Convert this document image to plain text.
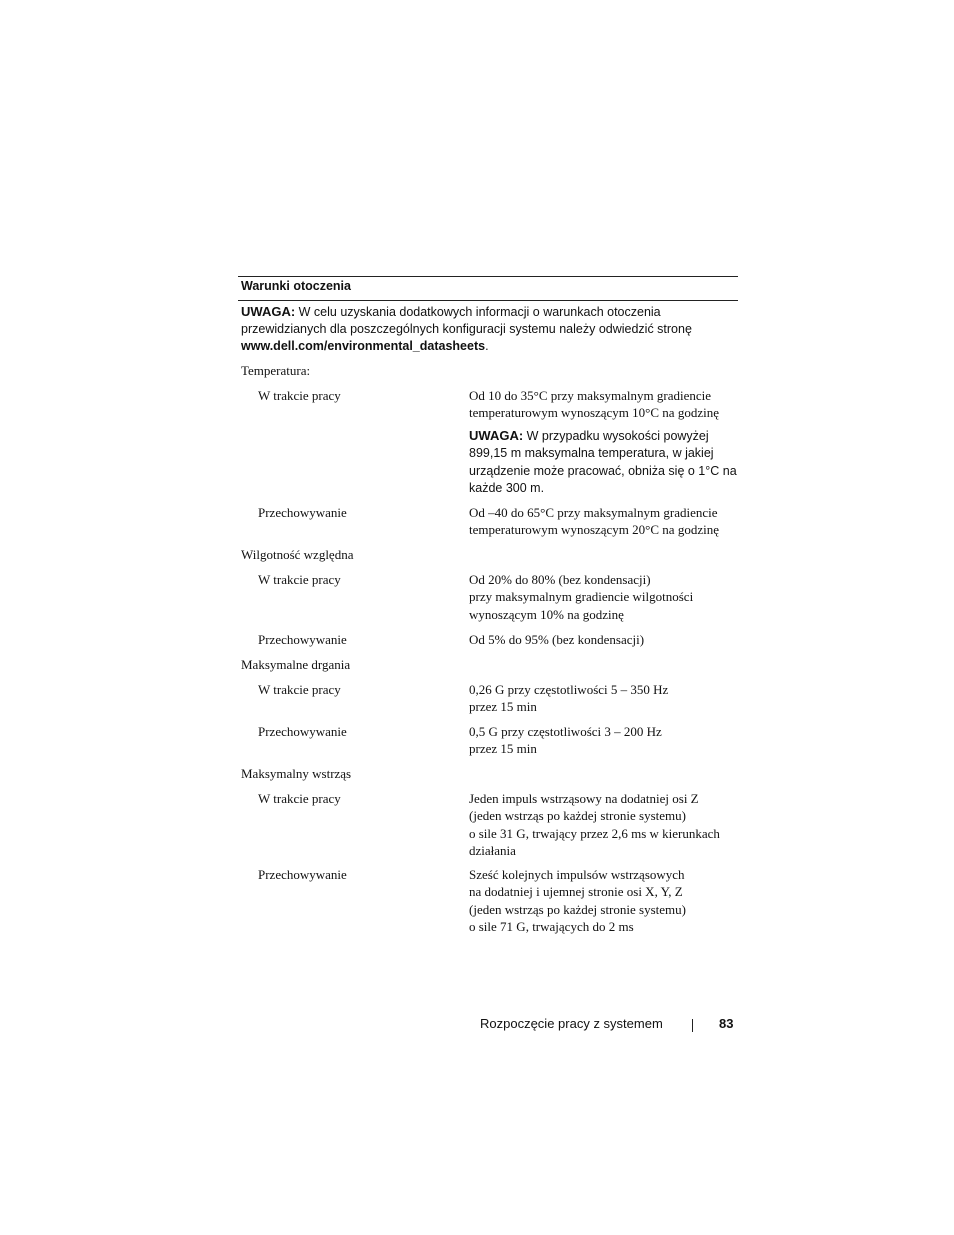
Warunki otoczenia
UWAGA: W celu uzyskania dodatkowych informacji o warunkach otoczenia przewidzianych dla poszczególnych konfiguracji systemu należy odwiedzić stronę www.dell.com/environmental_datasheets.
Temperatura:
W trakcie pracy	Od 10 do 35°C przy maksymalnym gradiencie
temperaturowym wynoszącym 10°C na godzinę
UWAGA: W przypadku wysokości powyżej 899,15 m maksymalna temperatura, w jakiej urządzenie może pracować, obniża się o 1°C na każde 300 m.
Przechowywanie	Od –40 do 65°C przy maksymalnym gradiencie
temperaturowym wynoszącym 20°C na godzinę
Wilgotność względna
W trakcie pracy	Od 20% do 80% (bez kondensacji)
przy maksymalnym gradiencie wilgotności
wynoszącym 10% na godzinę
Przechowywanie	Od 5% do 95% (bez kondensacji)
Maksymalne drgania
W trakcie pracy	0,26 G przy częstotliwości 5 – 350 Hz
przez 15 min
Przechowywanie	0,5 G przy częstotliwości 3 – 200 Hz
przez 15 min
Maksymalny wstrząs
W trakcie pracy	Jeden impuls wstrząsowy na dodatniej osi Z
(jeden wstrząs po każdej stronie systemu)
o sile 31 G, trwający przez 2,6 ms w kierunkach
działania
Przechowywanie	Sześć kolejnych impulsów wstrząsowych
na dodatniej i ujemnej stronie osi X, Y, Z
(jeden wstrząs po każdej stronie systemu)
o sile 71 G, trwających do 2 ms
Rozpoczęcie pracy z systemem	83
